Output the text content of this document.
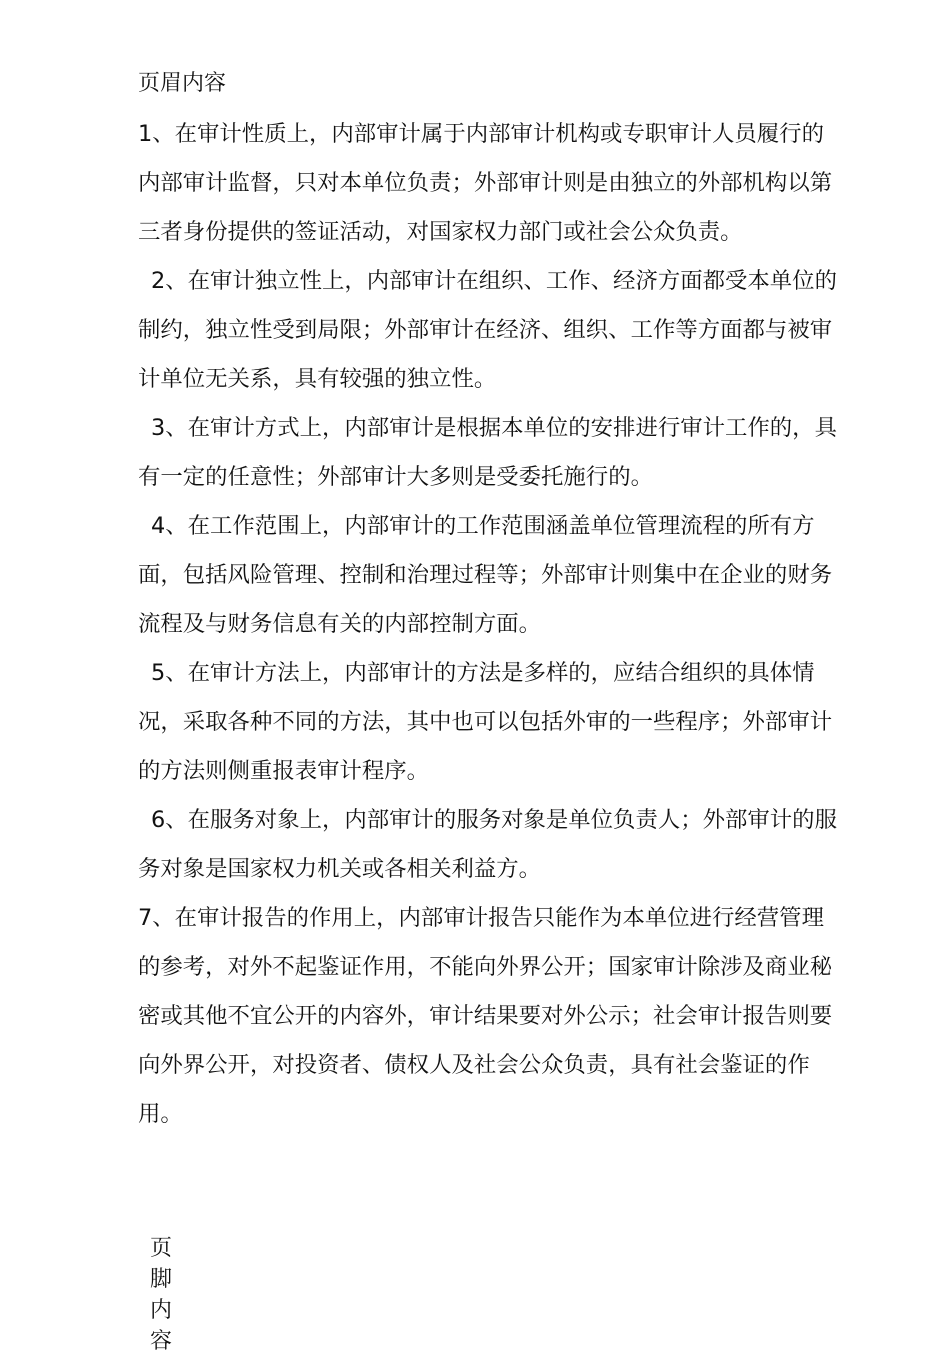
页眉内容

1、在审计性质上，内部审计属于内部审计机构或专职审计人员履行的内部审计监督，只对本单位负责；外部审计则是由独立的外部机构以第三者身份提供的签证活动，对国家权力部门或社会公众负责。

2、在审计独立性上，内部审计在组织、工作、经济方面都受本单位的制约，独立性受到局限；外部审计在经济、组织、工作等方面都与被审计单位无关系，具有较强的独立性。

3、在审计方式上，内部审计是根据本单位的安排进行审计工作的，具有一定的任意性；外部审计大多则是受委托施行的。

4、在工作范围上，内部审计的工作范围涵盖单位管理流程的所有方面，包括风险管理、控制和治理过程等；外部审计则集中在企业的财务流程及与财务信息有关的内部控制方面。

5、在审计方法上，内部审计的方法是多样的，应结合组织的具体情况，采取各种不同的方法，其中也可以包括外审的一些程序；外部审计的方法则侧重报表审计程序。

6、在服务对象上，内部审计的服务对象是单位负责人；外部审计的服务对象是国家权力机关或各相关利益方。

7、在审计报告的作用上，内部审计报告只能作为本单位进行经营管理的参考，对外不起鉴证作用，不能向外界公开；国家审计除涉及商业秘密或其他不宜公开的内容外，审计结果要对外公示；社会审计报告则要向外界公开，对投资者、债权人及社会公众负责，具有社会鉴证的作用。

页脚内容
